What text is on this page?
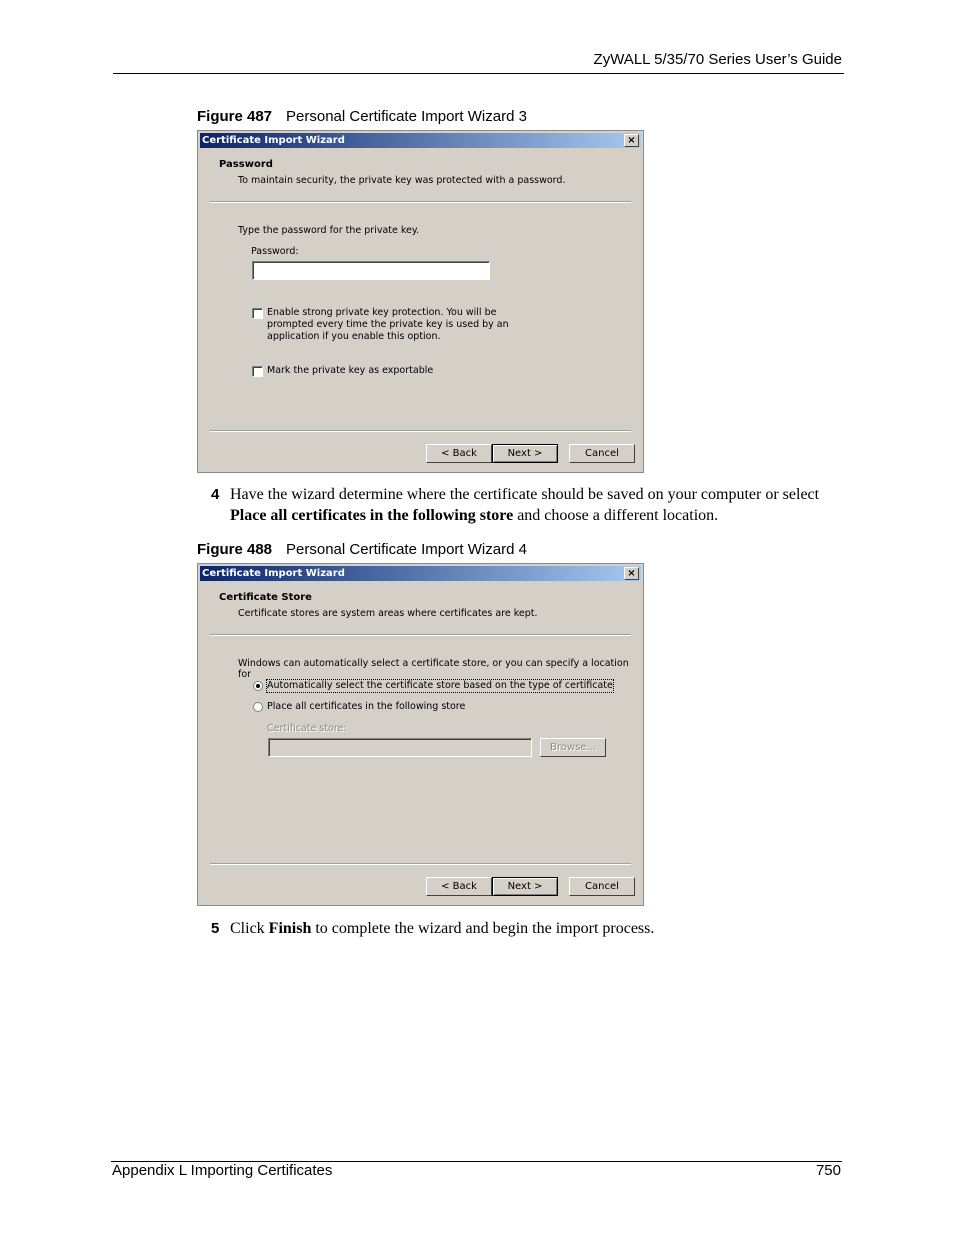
ZyWALL 5/35/70 Series User’s Guide
Figure 487 Personal Certificate Import Wizard 3
Certificate Import Wizard	×
Password
To maintain security, the private key was protected with a password.
Type the password for the private key.
Password:
Enable strong private key protection. You will be
prompted every time the private key is used by an
application if you enable this option.
Mark the private key as exportable
< Back	Next >	Cancel
4 Have the wizard determine where the certificate should be saved on your computer or select Place all certificates in the following store and choose a different location.
Figure 488 Personal Certificate Import Wizard 4
Certificate Import Wizard	×
Certificate Store
Certificate stores are system areas where certificates are kept.
Windows can automatically select a certificate store, or you can specify a location for
Automatically select the certificate store based on the type of certificate
Place all certificates in the following store
Certificate store:
Browse...
< Back	Next >	Cancel
5 Click Finish to complete the wizard and begin the import process.
Appendix L Importing Certificates	750
